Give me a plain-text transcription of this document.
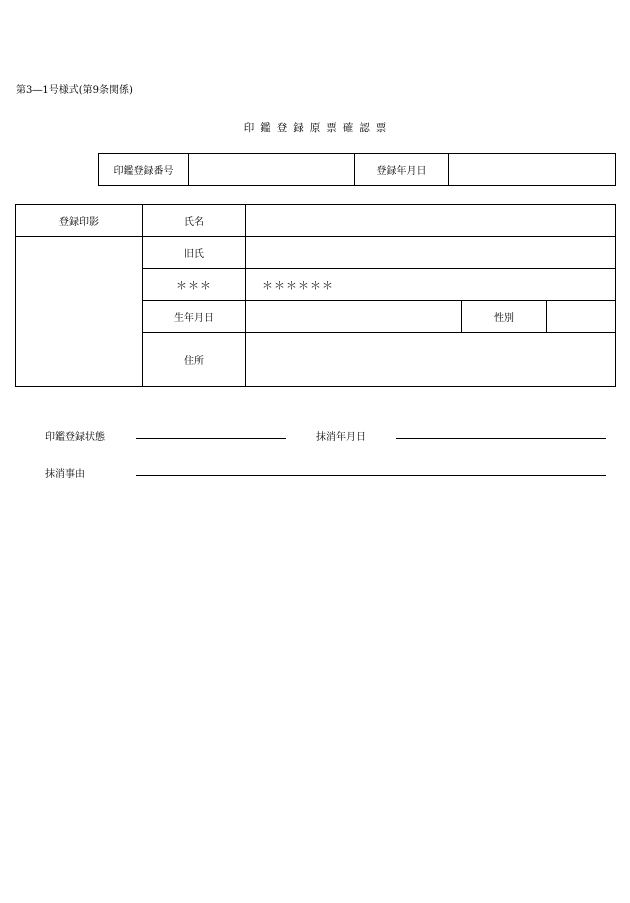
第3―1号様式(第9条関係)
印鑑登録原票確認票
印鑑登録番号		登録年月日	
登録印影	氏名			
	旧氏			
	＊＊＊	＊＊＊＊＊＊		
	生年月日		性別	
	住所			
印鑑登録状態	抹消年月日
抹消事由
